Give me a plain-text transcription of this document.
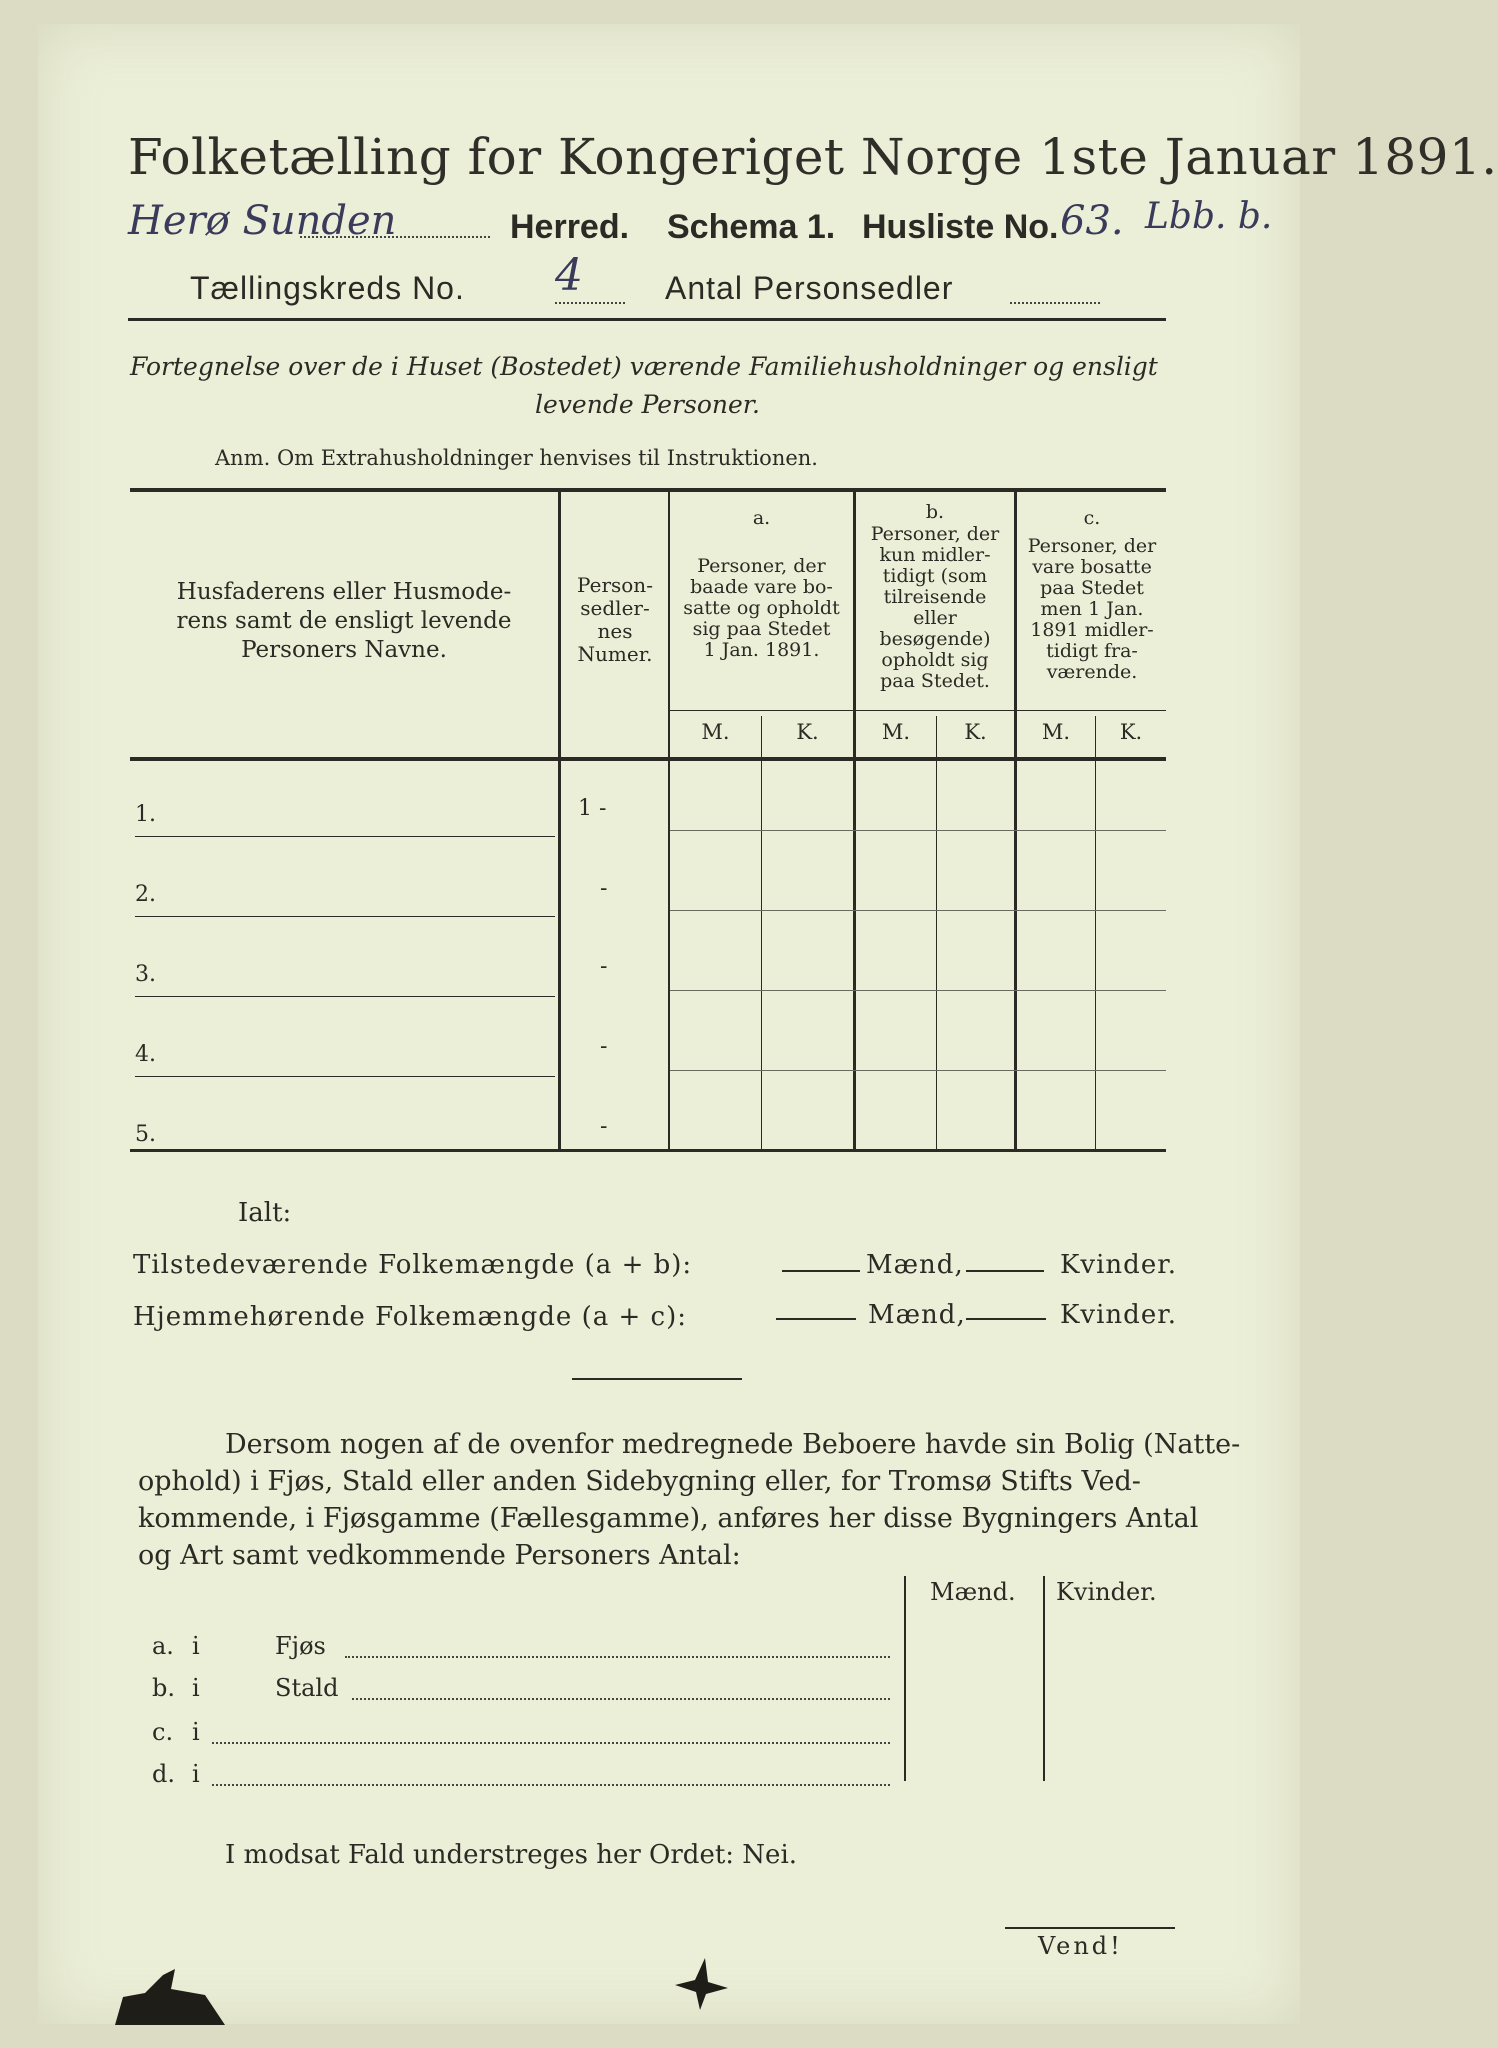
Folketælling for Kongeriget Norge 1ste Januar 1891.
Herø Sunden	Herred. Schema 1. Husliste No. 63. Lbb. b.
Tællingskreds No. 4	Antal Personsedler
Fortegnelse over de i Huset (Bostedet) værende Familiehusholdninger og ensligt
levende Personer.
Anm. Om Extrahusholdninger henvises til Instruktionen.
Husfaderens eller Husmode-
rens samt de ensligt levende
Personers Navne.
Person-
sedler-
nes
Numer.
a.
Personer, der
baade vare bo-
satte og opholdt
sig paa Stedet
1 Jan. 1891.
b.
Personer, der
kun midler-
tidigt (som
tilreisende
eller
besøgende)
opholdt sig
paa Stedet.
c.
Personer, der
vare bosatte
paa Stedet
men 1 Jan.
1891 midler-
tidigt fra-
værende.
M.	K.	M.	K.	M.	K.
1.	1 -
2.	-
3.	-
4.	-
5.	-
Ialt:
Tilstedeværende Folkemængde (a + b):	Mænd,	Kvinder.
Hjemmehørende Folkemængde (a + c):	Mænd,	Kvinder.
Dersom nogen af de ovenfor medregnede Beboere havde sin Bolig (Natte-
ophold) i Fjøs, Stald eller anden Sidebygning eller, for Tromsø Stifts Ved-
kommende, i Fjøsgamme (Fællesgamme), anføres her disse Bygningers Antal
og Art samt vedkommende Personers Antal:
Mænd. Kvinder.
a. i	Fjøs
b. i	Stald
c. i
d. i
I modsat Fald understreges her Ordet: Nei.
Vend!
